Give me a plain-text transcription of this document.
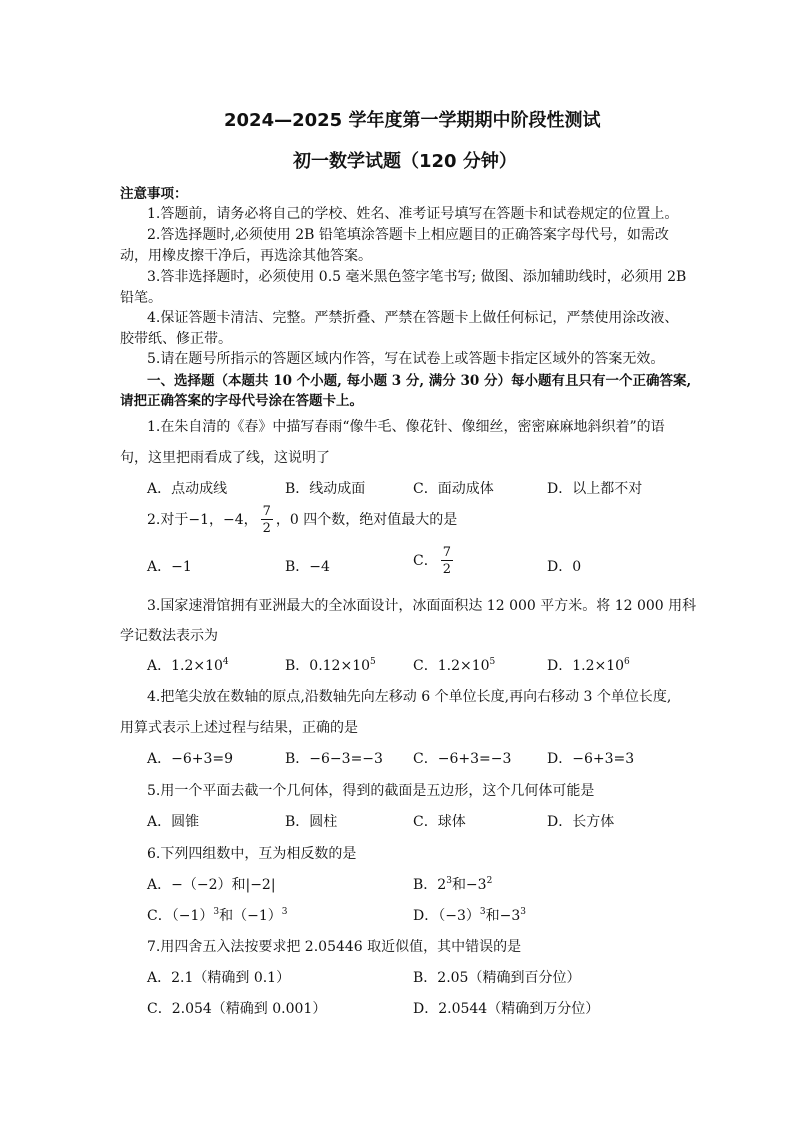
2024—2025 学年度第一学期期中阶段性测试
初一数学试题（120 分钟）
注意事项：
1.答题前，请务必将自己的学校、姓名、准考证号填写在答题卡和试卷规定的位置上。
2.答选择题时,必须使用 2B 铅笔填涂答题卡上相应题目的正确答案字母代号，如需改
动，用橡皮擦干净后，再选涂其他答案。
3.答非选择题时，必须使用 0.5 毫米黑色签字笔书写; 做图、添加辅助线时，必须用 2B
铅笔。
4.保证答题卡清洁、完整。严禁折叠、严禁在答题卡上做任何标记，严禁使用涂改液、
胶带纸、修正带。
5.请在题号所指示的答题区域内作答，写在试卷上或答题卡指定区域外的答案无效。
一、选择题（本题共 10 个小题, 每小题 3 分, 满分 30 分）每小题有且只有一个正确答案,
请把正确答案的字母代号涂在答题卡上。
1.在朱自清的《春》中描写春雨“像牛毛、像花针、像细丝，密密麻麻地斜织着”的语
句，这里把雨看成了线，这说明了
A．点动成线	B．线动成面	C．面动成体	D．以上都不对
2.对于−1，−4， $\frac{7}{2}$ ，0 四个数，绝对值最大的是
A．−1	B．−4	C． $\frac{7}{2}$	D．0
3.国家速滑馆拥有亚洲最大的全冰面设计，冰面面积达 12 000 平方米。将 12 000 用科
学记数法表示为
A．$1.2\times 10^4$	B．$0.12\times 10^5$	C．$1.2\times 10^5$	D．$1.2\times 10^6$
4.把笔尖放在数轴的原点,沿数轴先向左移动 6 个单位长度,再向右移动 3 个单位长度,
用算式表示上述过程与结果，正确的是
A．−6+3=9	B．−6−3=−3 C．−6+3=−3	D．−6+3=3
5.用一个平面去截一个几何体，得到的截面是五边形，这个几何体可能是
A．圆锥	B．圆柱	C．球体	D．长方体
6.下列四组数中，互为相反数的是
A．−（−2）和|−2|	B．$2^3$和$-3^2$
C．$(-1)^3$和$(-1)^3$	D．$(-3)^3$和$-3^3$
7.用四舍五入法按要求把 2.05446 取近似值，其中错误的是
A．2.1（精确到 0.1）	B．2.05（精确到百分位）
C．2.054（精确到 0.001）	D．2.0544（精确到万分位）
